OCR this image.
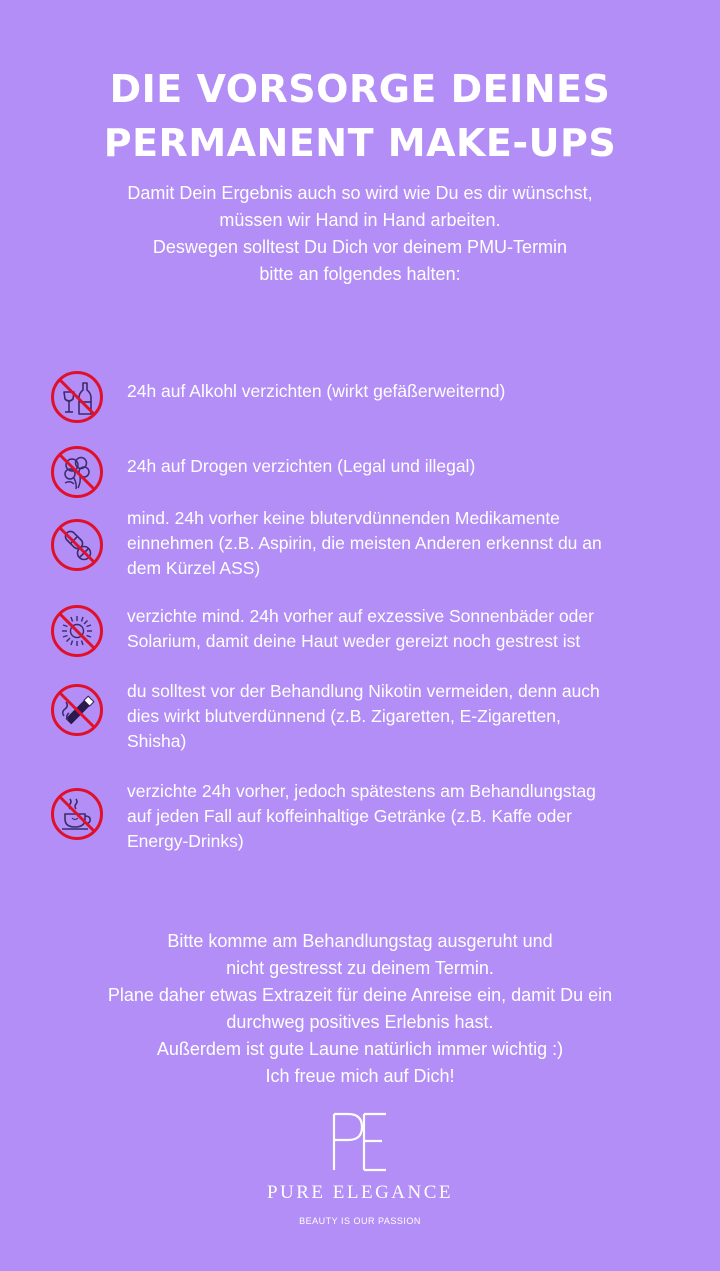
DIE VORSORGE DEINES
PERMANENT MAKE-UPS
Damit Dein Ergebnis auch so wird wie Du es dir wünschst,
müssen wir Hand in Hand arbeiten.
Deswegen solltest Du Dich vor deinem PMU-Termin
bitte an folgendes halten:
24h auf Alkohl verzichten (wirkt gefäßerweiternd)
24h auf Drogen verzichten (Legal und illegal)
mind. 24h vorher keine blutervdünnenden Medikamente
einnehmen (z.B. Aspirin, die meisten Anderen erkennst du an
dem Kürzel ASS)
verzichte mind. 24h vorher auf exzessive Sonnenbäder oder
Solarium, damit deine Haut weder gereizt noch gestrest ist
du solltest vor der Behandlung Nikotin vermeiden, denn auch
dies wirkt blutverdünnend (z.B. Zigaretten, E-Zigaretten,
Shisha)
verzichte 24h vorher, jedoch spätestens am Behandlungstag
auf jeden Fall auf koffeinhaltige Getränke (z.B. Kaffe oder
Energy-Drinks)
Bitte komme am Behandlungstag ausgeruht und
nicht gestresst zu deinem Termin.
Plane daher etwas Extrazeit für deine Anreise ein, damit Du ein
durchweg positives Erlebnis hast.
Außerdem ist gute Laune natürlich immer wichtig :)
Ich freue mich auf Dich!
PURE ELEGANCE
BEAUTY IS OUR PASSION
